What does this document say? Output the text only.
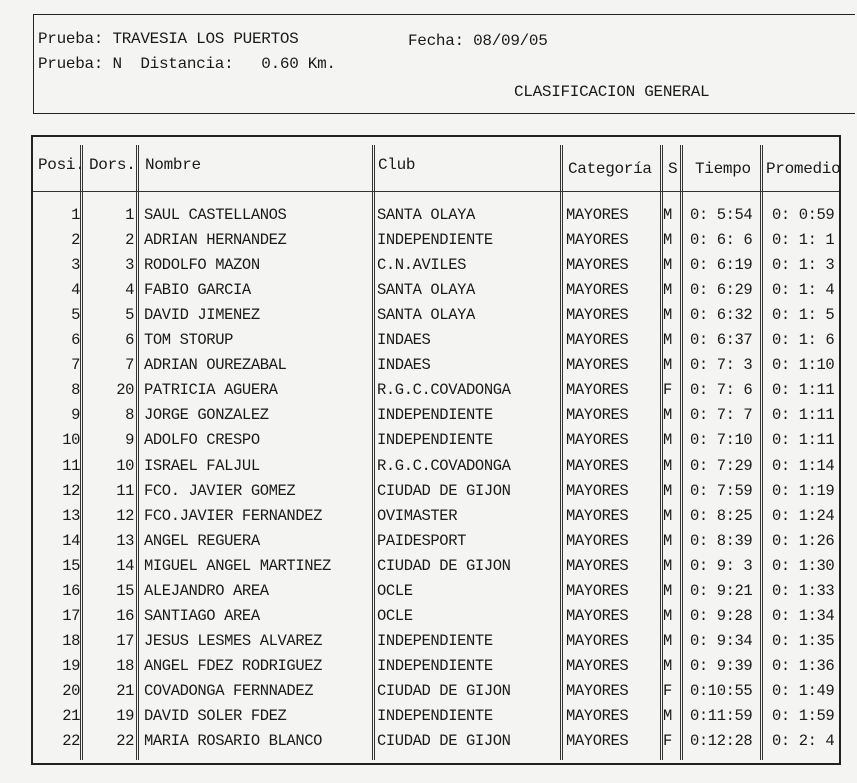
Prueba: TRAVESIA LOS PUERTOS	Fecha: 08/09/05
Prueba: N Distancia: 0.60 Km.
CLASIFICACION GENERAL
Posi. Dors. Nombre	Club	Categoría S Tiempo Promedio
1	1 SAUL CASTELLANOS	SANTA OLAYA	MAYORES	M	0: 5:54	0: 0:59
2	2 ADRIAN HERNANDEZ	INDEPENDIENTE	MAYORES	M	0: 6: 6	0: 1: 1
3	3 RODOLFO MAZON	C.N.AVILES	MAYORES	M	0: 6:19	0: 1: 3
4	4 FABIO GARCIA	SANTA OLAYA	MAYORES	M	0: 6:29	0: 1: 4
5	5 DAVID JIMENEZ	SANTA OLAYA	MAYORES	M	0: 6:32	0: 1: 5
6	6 TOM STORUP	INDAES	MAYORES	M	0: 6:37	0: 1: 6
7	7 ADRIAN OUREZABAL	INDAES	MAYORES	M	0: 7: 3	0: 1:10
8	20 PATRICIA AGUERA	R.G.C.COVADONGA	MAYORES	F	0: 7: 6	0: 1:11
9	8 JORGE GONZALEZ	INDEPENDIENTE	MAYORES	M	0: 7: 7	0: 1:11
10	9 ADOLFO CRESPO	INDEPENDIENTE	MAYORES	M	0: 7:10	0: 1:11
11	10 ISRAEL FALJUL	R.G.C.COVADONGA	MAYORES	M	0: 7:29	0: 1:14
12	11 FCO. JAVIER GOMEZ	CIUDAD DE GIJON	MAYORES	M	0: 7:59	0: 1:19
13	12 FCO.JAVIER FERNANDEZ	OVIMASTER	MAYORES	M	0: 8:25	0: 1:24
14	13 ANGEL REGUERA	PAIDESPORT	MAYORES	M	0: 8:39	0: 1:26
15	14 MIGUEL ANGEL MARTINEZ	CIUDAD DE GIJON	MAYORES	M	0: 9: 3	0: 1:30
16	15 ALEJANDRO AREA	OCLE	MAYORES	M	0: 9:21	0: 1:33
17	16 SANTIAGO AREA	OCLE	MAYORES	M	0: 9:28	0: 1:34
18	17 JESUS LESMES ALVAREZ	INDEPENDIENTE	MAYORES	M	0: 9:34	0: 1:35
19	18 ANGEL FDEZ RODRIGUEZ	INDEPENDIENTE	MAYORES	M	0: 9:39	0: 1:36
20	21 COVADONGA FERNNADEZ	CIUDAD DE GIJON	MAYORES	F	0:10:55	0: 1:49
21	19 DAVID SOLER FDEZ	INDEPENDIENTE	MAYORES	M	0:11:59	0: 1:59
22	22 MARIA ROSARIO BLANCO	CIUDAD DE GIJON	MAYORES	F	0:12:28	0: 2: 4
